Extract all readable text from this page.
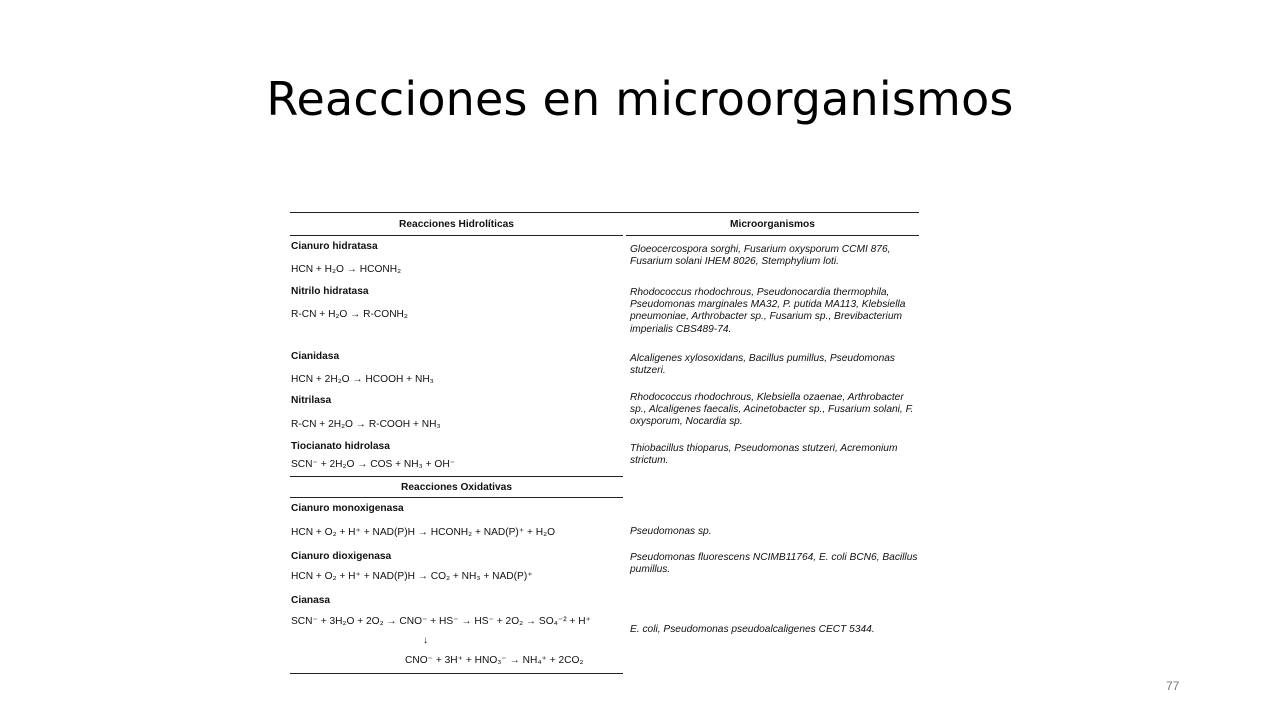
Reacciones en microorganismos
Reacciones Hidrolíticas	Microorganismos
Cianuro hidratasa
HCN + H₂O → HCONH₂
Gloeocercospora sorghi, Fusarium oxysporum CCMI 876, Fusarium solani IHEM 8026, Stemphylium loti.
Nitrilo hidratasa
R-CN + H₂O → R-CONH₂
Rhodococcus rhodochrous, Pseudonocardia thermophila, Pseudomonas marginales MA32, P. putida MA113, Klebsiella pneumoniae, Arthrobacter sp., Fusarium sp., Brevibacterium imperialis CBS489-74.
Cianidasa
HCN + 2H₂O → HCOOH + NH₃
Alcaligenes xylosoxidans, Bacillus pumillus, Pseudomonas stutzeri.
Nitrilasa
R-CN + 2H₂O → R-COOH + NH₃
Rhodococcus rhodochrous, Klebsiella ozaenae, Arthrobacter sp., Alcaligenes faecalis, Acinetobacter sp., Fusarium solani, F. oxysporum, Nocardia sp.
Tiocianato hidrolasa
SCN⁻ + 2H₂O → COS + NH₃ + OH⁻
Thiobacillus thioparus, Pseudomonas stutzeri, Acremonium strictum.
Reacciones Oxidativas
Cianuro monoxigenasa
HCN + O₂ + H⁺ + NAD(P)H → HCONH₂ + NAD(P)⁺ + H₂O	Pseudomonas sp.
Cianuro dioxigenasa
HCN + O₂ + H⁺ + NAD(P)H → CO₂ + NH₃ + NAD(P)⁺
Pseudomonas fluorescens NCIMB11764, E. coli BCN6, Bacillus pumillus.
Cianasa
SCN⁻ + 3H₂O + 2O₂ → CNO⁻ + HS⁻ → HS⁻ + 2O₂ → SO₄⁻² + H⁺
↓
CNO⁻ + 3H⁺ + HNO₃⁻ → NH₄⁺ + 2CO₂
E. coli, Pseudomonas pseudoalcaligenes CECT 5344.
77
